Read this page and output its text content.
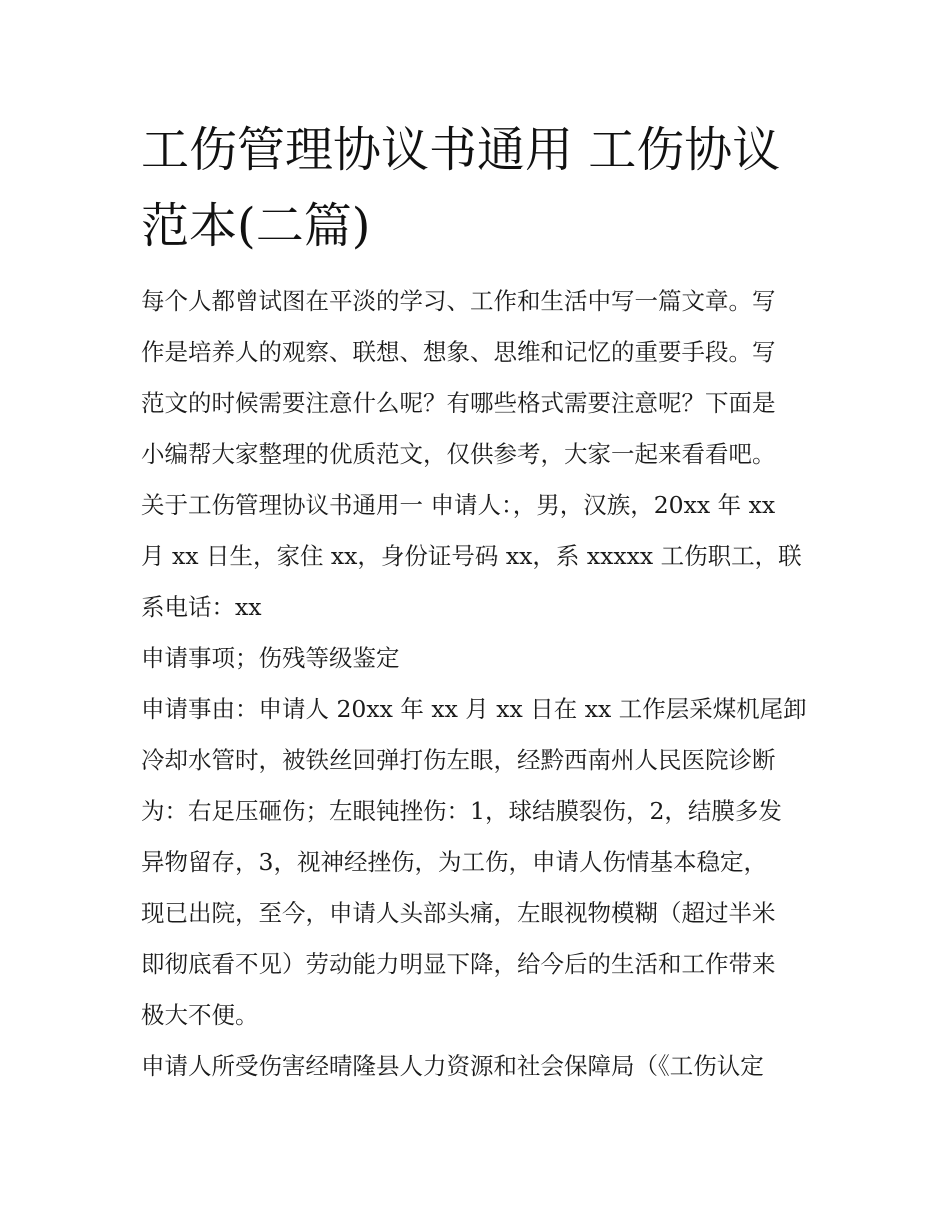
工伤管理协议书通用 工伤协议
范本(二篇)

每个人都曾试图在平淡的学习、工作和生活中写一篇文章。写
作是培养人的观察、联想、想象、思维和记忆的重要手段。写
范文的时候需要注意什么呢？有哪些格式需要注意呢？下面是
小编帮大家整理的优质范文，仅供参考，大家一起来看看吧。

关于工伤管理协议书通用一 申请人：，男，汉族，20xx 年 xx
月 xx 日生，家住 xx，身份证号码 xx，系 xxxxx 工伤职工，联
系电话：xx

申请事项；伤残等级鉴定

申请事由：申请人 20xx 年 xx 月 xx 日在 xx 工作层采煤机尾卸
冷却水管时，被铁丝回弹打伤左眼，经黔西南州人民医院诊断
为：右足压砸伤；左眼钝挫伤：1，球结膜裂伤，2，结膜多发
异物留存，3，视神经挫伤，为工伤，申请人伤情基本稳定，
现已出院，至今，申请人头部头痛，左眼视物模糊（超过半米
即彻底看不见）劳动能力明显下降，给今后的生活和工作带来
极大不便。

申请人所受伤害经晴隆县人力资源和社会保障局（《工伤认定
